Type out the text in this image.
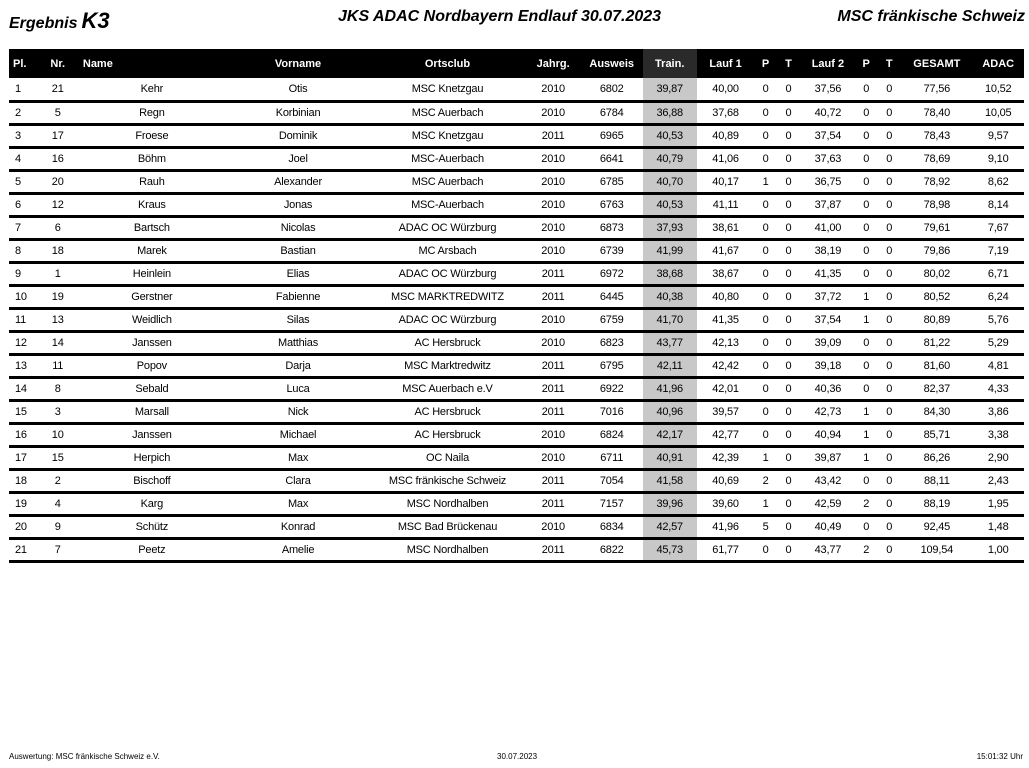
Ergebnis K3	JKS ADAC Nordbayern Endlauf 30.07.2023	MSC fränkische Schweiz
Pl.	Nr.	Name	Vorname	Ortsclub	Jahrg.	Ausweis	Train.	Lauf 1	P	T	Lauf 2	P	T	GESAMT	ADAC
1	21	Kehr	Otis	MSC Knetzgau	2010	6802	39,87	40,00	0	0	37,56	0	0	77,56	10,52
2	5	Regn	Korbinian	MSC Auerbach	2010	6784	36,88	37,68	0	0	40,72	0	0	78,40	10,05
3	17	Froese	Dominik	MSC Knetzgau	2011	6965	40,53	40,89	0	0	37,54	0	0	78,43	9,57
4	16	Böhm	Joel	MSC-Auerbach	2010	6641	40,79	41,06	0	0	37,63	0	0	78,69	9,10
5	20	Rauh	Alexander	MSC Auerbach	2010	6785	40,70	40,17	1	0	36,75	0	0	78,92	8,62
6	12	Kraus	Jonas	MSC-Auerbach	2010	6763	40,53	41,11	0	0	37,87	0	0	78,98	8,14
7	6	Bartsch	Nicolas	ADAC OC Würzburg	2010	6873	37,93	38,61	0	0	41,00	0	0	79,61	7,67
8	18	Marek	Bastian	MC Arsbach	2010	6739	41,99	41,67	0	0	38,19	0	0	79,86	7,19
9	1	Heinlein	Elias	ADAC OC Würzburg	2011	6972	38,68	38,67	0	0	41,35	0	0	80,02	6,71
10	19	Gerstner	Fabienne	MSC MARKTREDWITZ	2011	6445	40,38	40,80	0	0	37,72	1	0	80,52	6,24
11	13	Weidlich	Silas	ADAC OC Würzburg	2010	6759	41,70	41,35	0	0	37,54	1	0	80,89	5,76
12	14	Janssen	Matthias	AC Hersbruck	2010	6823	43,77	42,13	0	0	39,09	0	0	81,22	5,29
13	11	Popov	Darja	MSC Marktredwitz	2011	6795	42,11	42,42	0	0	39,18	0	0	81,60	4,81
14	8	Sebald	Luca	MSC Auerbach e.V	2011	6922	41,96	42,01	0	0	40,36	0	0	82,37	4,33
15	3	Marsall	Nick	AC Hersbruck	2011	7016	40,96	39,57	0	0	42,73	1	0	84,30	3,86
16	10	Janssen	Michael	AC Hersbruck	2010	6824	42,17	42,77	0	0	40,94	1	0	85,71	3,38
17	15	Herpich	Max	OC Naila	2010	6711	40,91	42,39	1	0	39,87	1	0	86,26	2,90
18	2	Bischoff	Clara	MSC fränkische Schweiz	2011	7054	41,58	40,69	2	0	43,42	0	0	88,11	2,43
19	4	Karg	Max	MSC Nordhalben	2011	7157	39,96	39,60	1	0	42,59	2	0	88,19	1,95
20	9	Schütz	Konrad	MSC Bad Brückenau	2010	6834	42,57	41,96	5	0	40,49	0	0	92,45	1,48
21	7	Peetz	Amelie	MSC Nordhalben	2011	6822	45,73	61,77	0	0	43,77	2	0	109,54	1,00
Auswertung: MSC fränkische Schweiz e.V.	30.07.2023	15:01:32 Uhr
